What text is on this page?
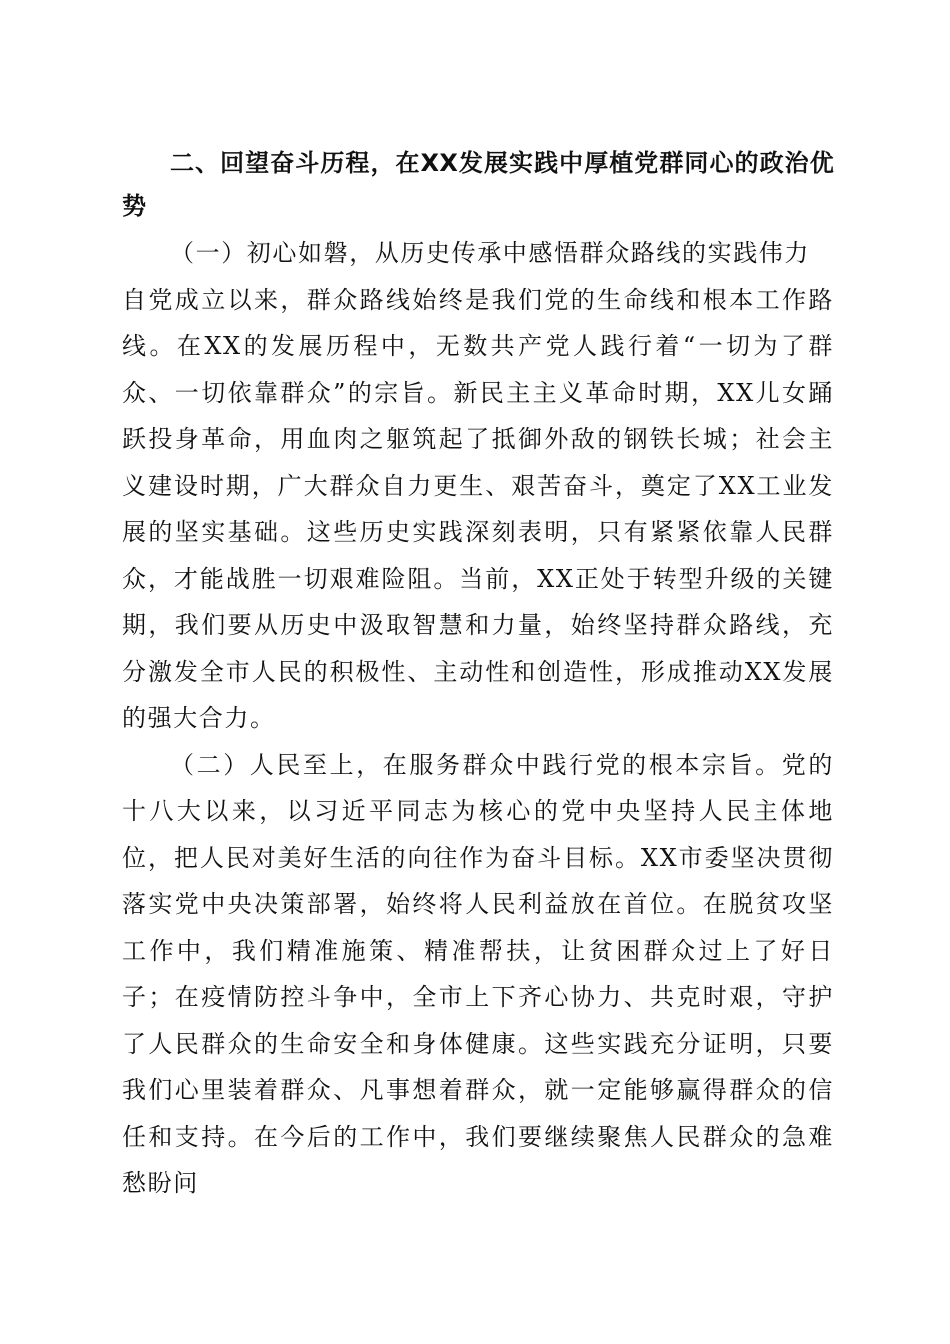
二、回望奋斗历程，在XX发展实践中厚植党群同心的政治优势

（一）初心如磐，从历史传承中感悟群众路线的实践伟力

自党成立以来，群众路线始终是我们党的生命线和根本工作路线。在XX的发展历程中，无数共产党人践行着“一切为了群众、一切依靠群众”的宗旨。新民主主义革命时期，XX儿女踊跃投身革命，用血肉之躯筑起了抵御外敌的钢铁长城；社会主义建设时期，广大群众自力更生、艰苦奋斗，奠定了XX工业发展的坚实基础。这些历史实践深刻表明，只有紧紧依靠人民群众，才能战胜一切艰难险阻。当前，XX正处于转型升级的关键期，我们要从历史中汲取智慧和力量，始终坚持群众路线，充分激发全市人民的积极性、主动性和创造性，形成推动XX发展的强大合力。

（二）人民至上，在服务群众中践行党的根本宗旨。党的十八大以来，以习近平同志为核心的党中央坚持人民主体地位，把人民对美好生活的向往作为奋斗目标。XX市委坚决贯彻落实党中央决策部署，始终将人民利益放在首位。在脱贫攻坚工作中，我们精准施策、精准帮扶，让贫困群众过上了好日子；在疫情防控斗争中，全市上下齐心协力、共克时艰，守护了人民群众的生命安全和身体健康。这些实践充分证明，只要我们心里装着群众、凡事想着群众，就一定能够赢得群众的信任和支持。在今后的工作中，我们要继续聚焦人民群众的急难愁盼问
